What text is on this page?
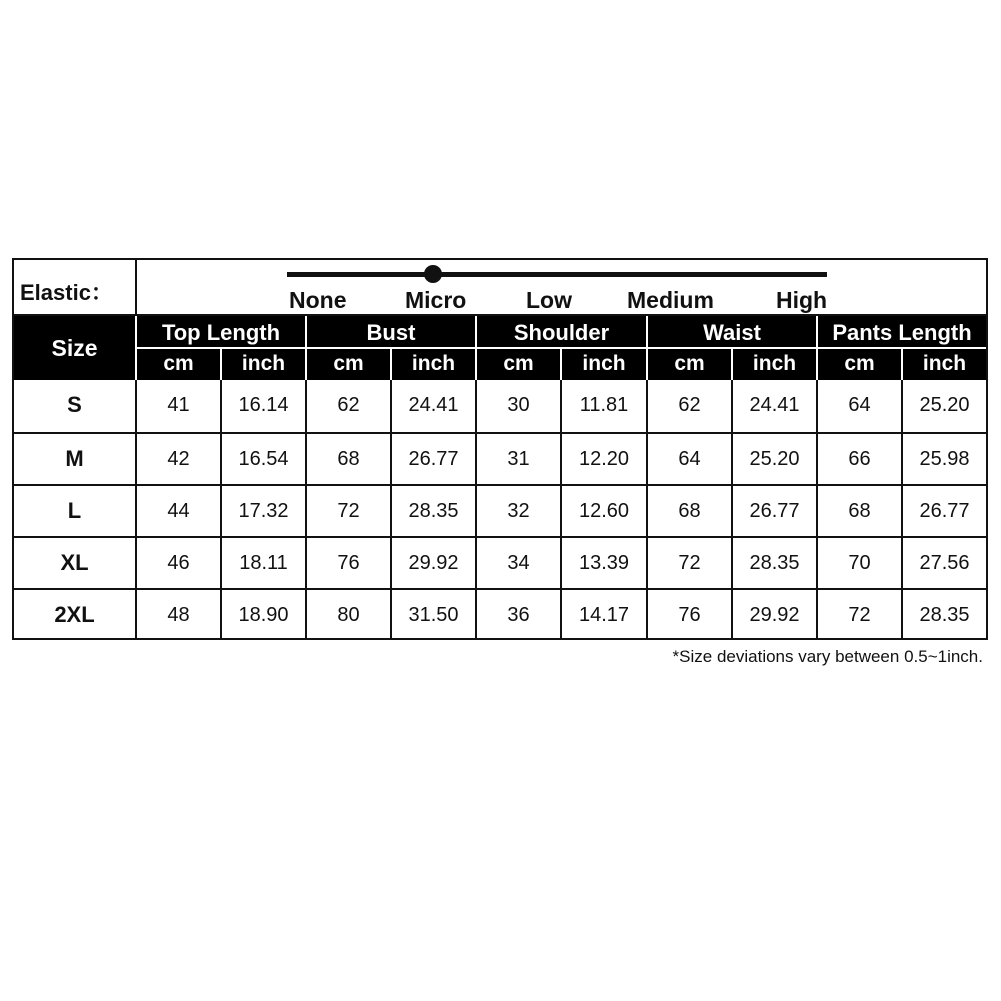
Elastic：	None	Micro	Low Medium	High
Size
Top Length	Bust	Shoulder	Waist	Pants Length
cm	inch	cm	inch	cm	inch	cm	inch	cm	inch
S	41	16.14	62	24.41	30	11.81	62	24.41	64	25.20
M	42	16.54	68	26.77	31	12.20	64	25.20	66	25.98
L	44	17.32	72	28.35	32	12.60	68	26.77	68	26.77
XL	46	18.11	76	29.92	34	13.39	72	28.35	70	27.56
2XL	48	18.90	80	31.50	36	14.17	76	29.92	72	28.35
*Size deviations vary between 0.5~1inch.
